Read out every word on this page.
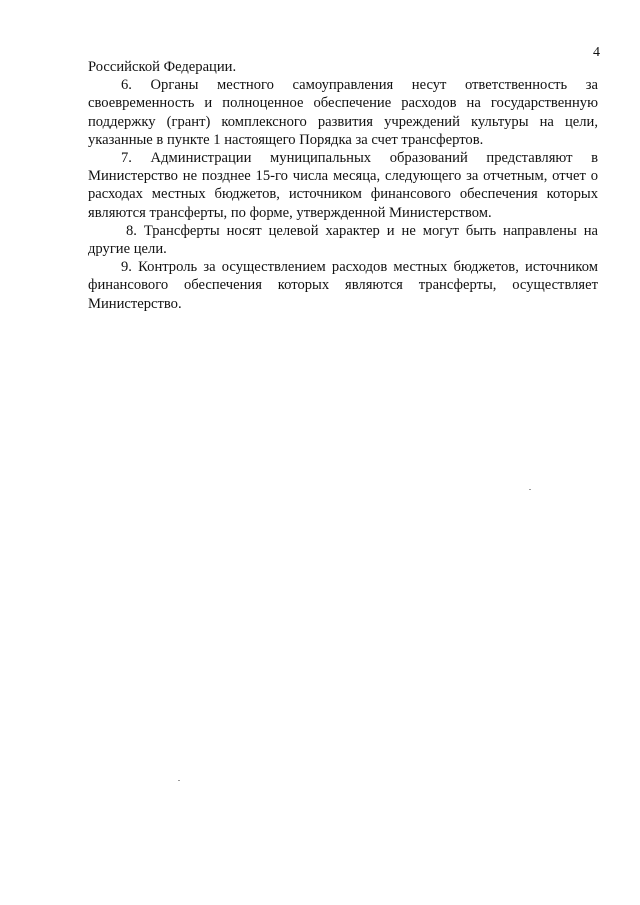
4

Российской Федерации.

6. Органы местного самоуправления несут ответственность за своевременность и полноценное обеспечение расходов на государственную поддержку (грант) комплексного развития учреждений культуры на цели, указанные в пункте 1 настоящего Порядка за счет трансфертов.

7. Администрации муниципальных образований представляют в Министерство не позднее 15-го числа месяца, следующего за отчетным, отчет о расходах местных бюджетов, источником финансового обеспечения которых являются трансферты, по форме, утвержденной Министерством.

8. Трансферты носят целевой характер и не могут быть направлены на другие цели.

9. Контроль за осуществлением расходов местных бюджетов, источником финансового обеспечения которых являются трансферты, осуществляет Министерство.
